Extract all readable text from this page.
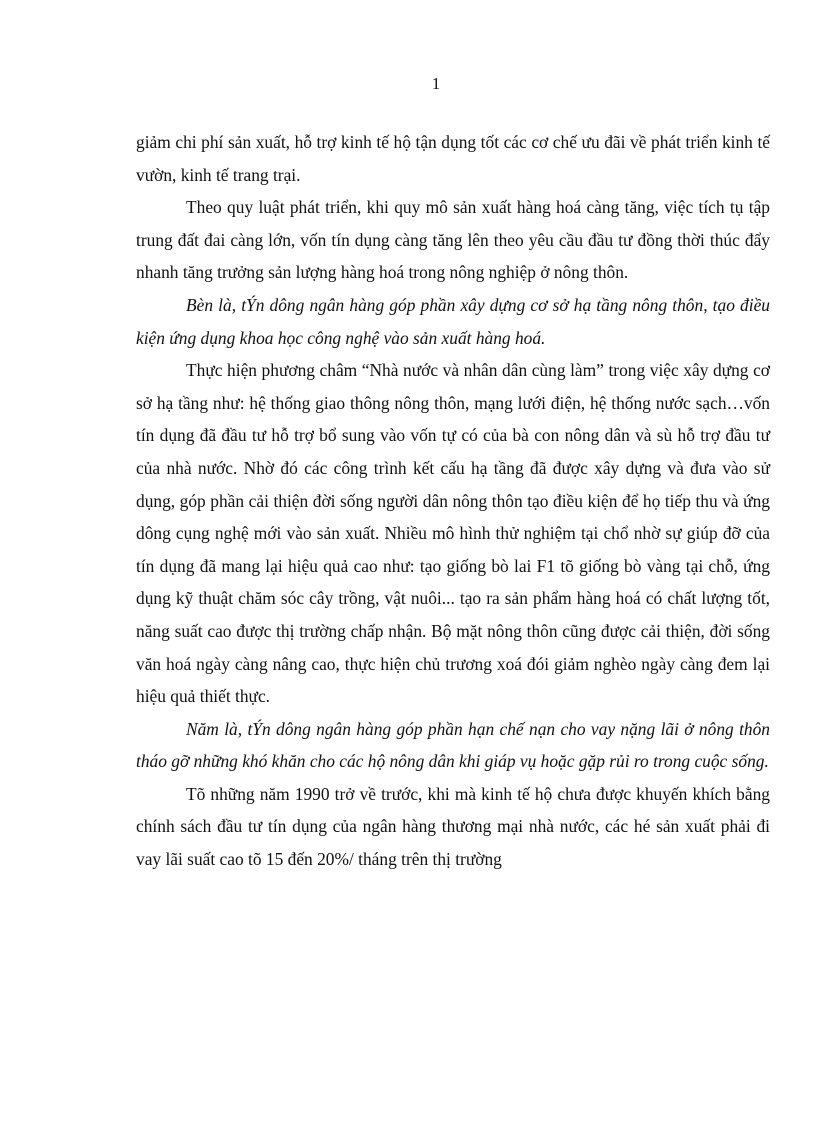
1

giảm chi phí sản xuất, hỗ trợ kinh tế hộ tận dụng tốt các cơ chế ưu đãi về phát triển kinh tế vườn, kinh tế trang trại.

Theo quy luật phát triển, khi quy mô sản xuất hàng hoá càng tăng, việc tích tụ tập trung đất đai càng lớn, vốn tín dụng càng tăng lên theo yêu cầu đầu tư đồng thời thúc đẩy nhanh tăng trưởng sản lượng hàng hoá trong nông nghiệp ở nông thôn.

Bèn là, tÝn dông ngân hàng góp phần xây dựng cơ sở hạ tầng nông thôn, tạo điều kiện ứng dụng khoa học công nghệ vào sản xuất hàng hoá.

Thực hiện phương châm “Nhà nước và nhân dân cùng làm” trong việc xây dựng cơ sở hạ tầng như: hệ thống giao thông nông thôn, mạng lưới điện, hệ thống nước sạch…vốn tín dụng đã đầu tư hỗ trợ bổ sung vào vốn tự có của bà con nông dân và sù hỗ trợ đầu tư của nhà nước. Nhờ đó các công trình kết cấu hạ tầng đã được xây dựng và đưa vào sử dụng, góp phần cải thiện đời sống người dân nông thôn tạo điều kiện để họ tiếp thu và ứng dông cụng nghệ mới vào sản xuất. Nhiều mô hình thử nghiệm tại chổ nhờ sự giúp đỡ của tín dụng đã mang lại hiệu quả cao như: tạo giống bò lai F1 tõ giống bò vàng tại chỗ, ứng dụng kỹ thuật chăm sóc cây trồng, vật nuôi... tạo ra sản phẩm hàng hoá có chất lượng tốt, năng suất cao được thị trường chấp nhận. Bộ mặt nông thôn cũng được cải thiện, đời sống văn hoá ngày càng nâng cao, thực hiện chủ trương xoá đói giảm nghèo ngày càng đem lại hiệu quả thiết thực.

Năm là, tÝn dông ngân hàng góp phần hạn chế nạn cho vay nặng lãi ở nông thôn tháo gỡ những khó khăn cho các hộ nông dân khi giáp vụ hoặc gặp rủi ro trong cuộc sống.

Tõ những năm 1990 trở về trước, khi mà kinh tế hộ chưa được khuyến khích bằng chính sách đầu tư tín dụng của ngân hàng thương mại nhà nước, các hé sản xuất phải đi vay lãi suất cao tõ 15 đến 20%/ tháng trên thị trường
